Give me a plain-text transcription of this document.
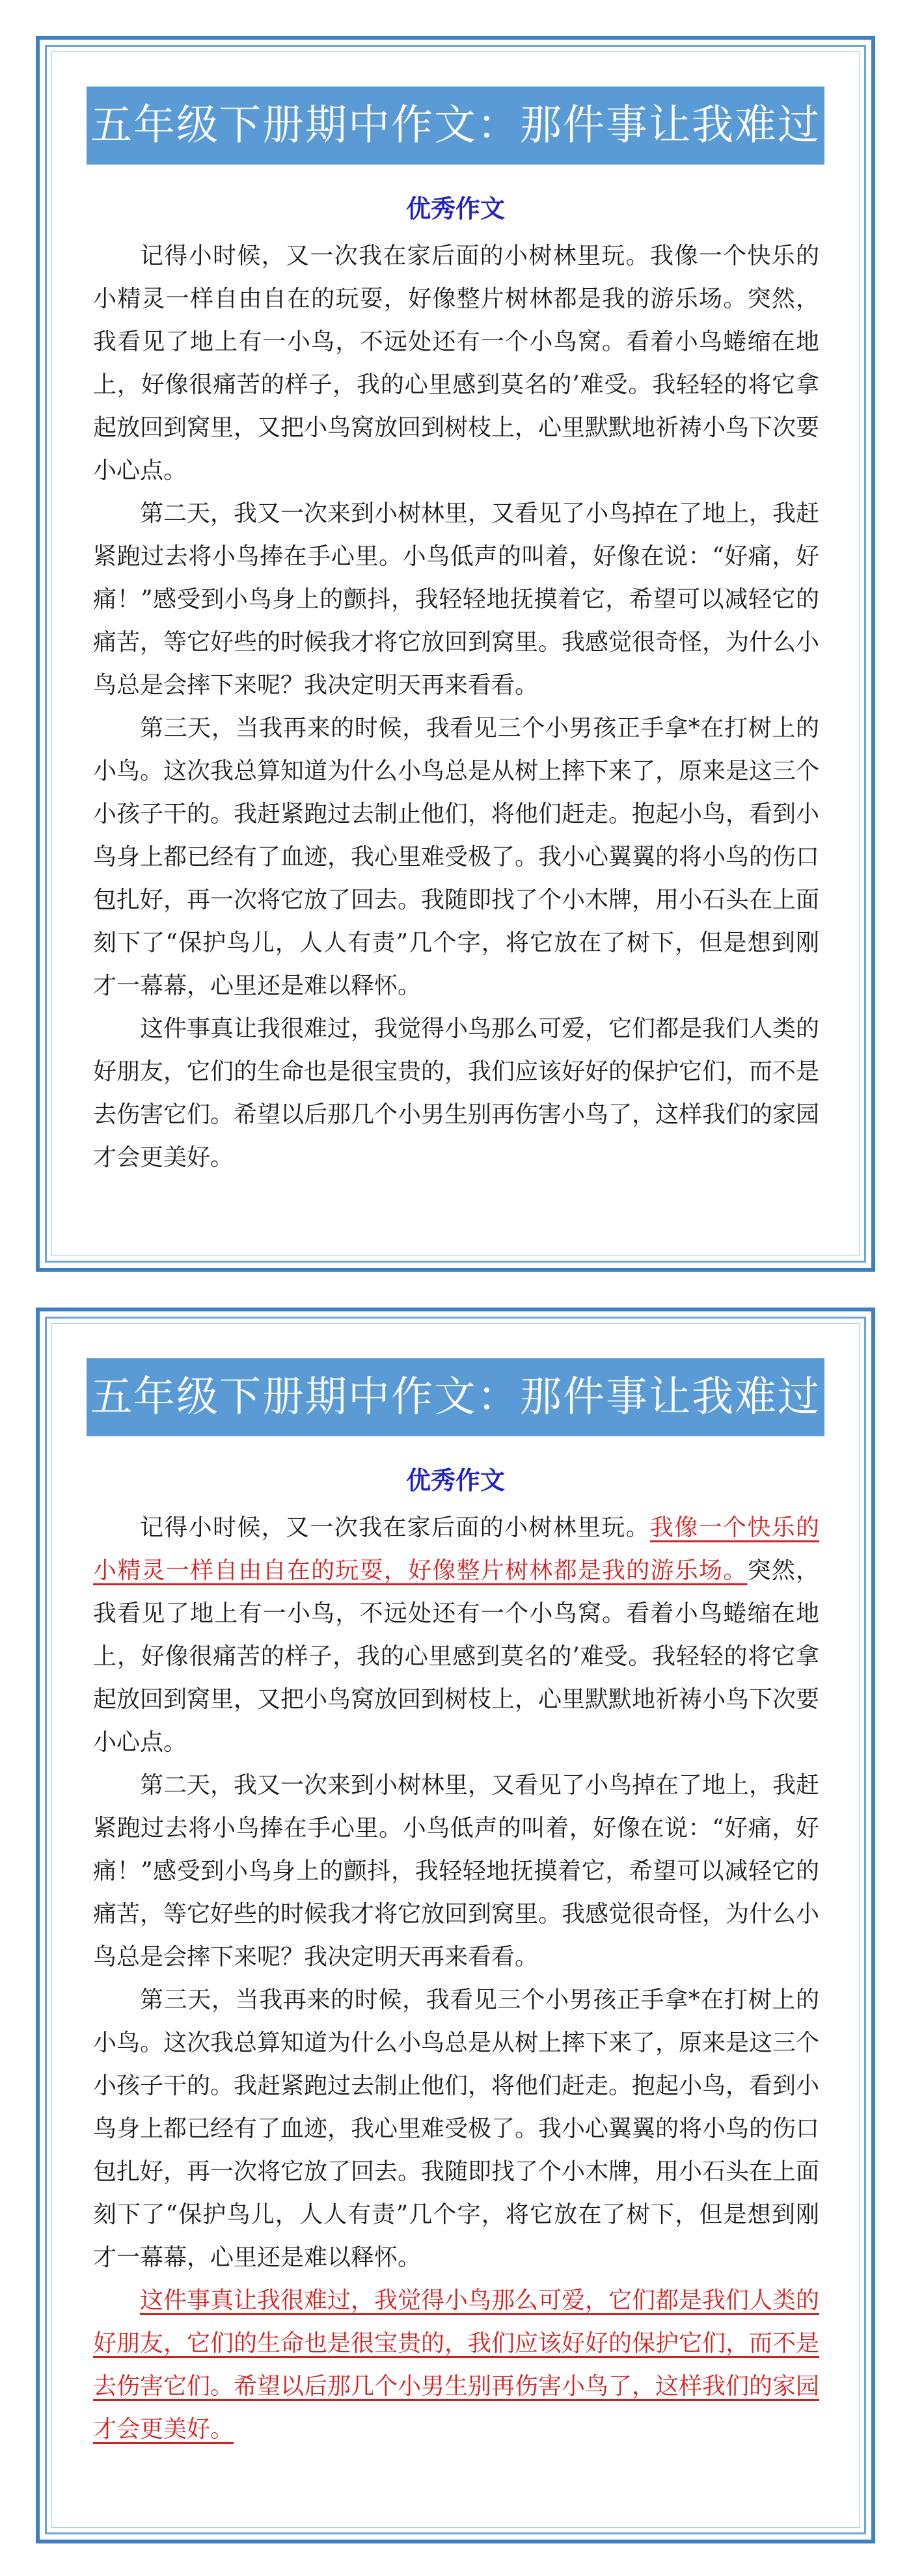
五年级下册期中作文：那件事让我难过
优秀作文

记得小时候，又一次我在家后面的小树林里玩。我像一个快乐的小精灵一样自由自在的玩耍，好像整片树林都是我的游乐场。突然，我看见了地上有一小鸟，不远处还有一个小鸟窝。看着小鸟蜷缩在地上，好像很痛苦的样子，我的心里感到莫名的’难受。我轻轻的将它拿起放回到窝里，又把小鸟窝放回到树枝上，心里默默地祈祷小鸟下次要小心点。

第二天，我又一次来到小树林里，又看见了小鸟掉在了地上，我赶紧跑过去将小鸟捧在手心里。小鸟低声的叫着，好像在说：“好痛，好痛！”感受到小鸟身上的颤抖，我轻轻地抚摸着它，希望可以减轻它的痛苦，等它好些的时候我才将它放回到窝里。我感觉很奇怪，为什么小鸟总是会摔下来呢？我决定明天再来看看。

第三天，当我再来的时候，我看见三个小男孩正手拿*在打树上的小鸟。这次我总算知道为什么小鸟总是从树上摔下来了，原来是这三个小孩子干的。我赶紧跑过去制止他们，将他们赶走。抱起小鸟，看到小鸟身上都已经有了血迹，我心里难受极了。我小心翼翼的将小鸟的伤口包扎好，再一次将它放了回去。我随即找了个小木牌，用小石头在上面刻下了“保护鸟儿，人人有责”几个字，将它放在了树下，但是想到刚才一幕幕，心里还是难以释怀。

这件事真让我很难过，我觉得小鸟那么可爱，它们都是我们人类的好朋友，它们的生命也是很宝贵的，我们应该好好的保护它们，而不是去伤害它们。希望以后那几个小男生别再伤害小鸟了，这样我们的家园才会更美好。

五年级下册期中作文：那件事让我难过
优秀作文

记得小时候，又一次我在家后面的小树林里玩。我像一个快乐的小精灵一样自由自在的玩耍，好像整片树林都是我的游乐场。突然，我看见了地上有一小鸟，不远处还有一个小鸟窝。看着小鸟蜷缩在地上，好像很痛苦的样子，我的心里感到莫名的’难受。我轻轻的将它拿起放回到窝里，又把小鸟窝放回到树枝上，心里默默地祈祷小鸟下次要小心点。

第二天，我又一次来到小树林里，又看见了小鸟掉在了地上，我赶紧跑过去将小鸟捧在手心里。小鸟低声的叫着，好像在说：“好痛，好痛！”感受到小鸟身上的颤抖，我轻轻地抚摸着它，希望可以减轻它的痛苦，等它好些的时候我才将它放回到窝里。我感觉很奇怪，为什么小鸟总是会摔下来呢？我决定明天再来看看。

第三天，当我再来的时候，我看见三个小男孩正手拿*在打树上的小鸟。这次我总算知道为什么小鸟总是从树上摔下来了，原来是这三个小孩子干的。我赶紧跑过去制止他们，将他们赶走。抱起小鸟，看到小鸟身上都已经有了血迹，我心里难受极了。我小心翼翼的将小鸟的伤口包扎好，再一次将它放了回去。我随即找了个小木牌，用小石头在上面刻下了“保护鸟儿，人人有责”几个字，将它放在了树下，但是想到刚才一幕幕，心里还是难以释怀。

这件事真让我很难过，我觉得小鸟那么可爱，它们都是我们人类的好朋友，它们的生命也是很宝贵的，我们应该好好的保护它们，而不是去伤害它们。希望以后那几个小男生别再伤害小鸟了，这样我们的家园才会更美好。
